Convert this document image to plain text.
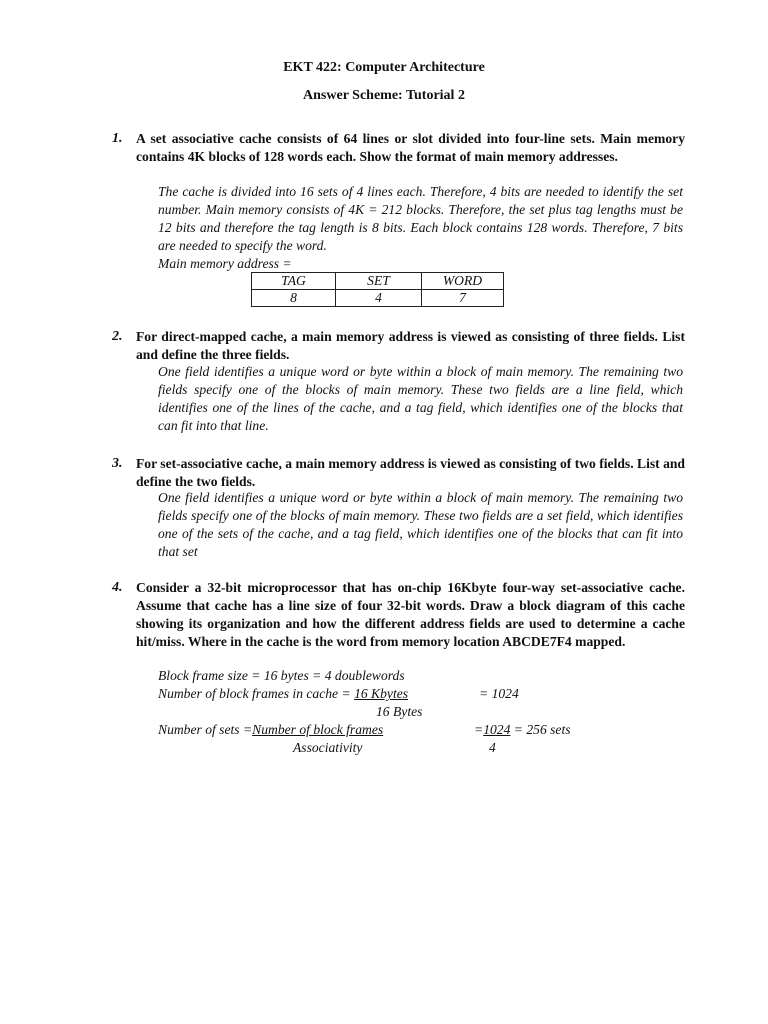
EKT 422: Computer Architecture
Answer Scheme: Tutorial 2
1. A set associative cache consists of 64 lines or slot divided into four-line sets. Main memory contains 4K blocks of 128 words each. Show the format of main memory addresses.
The cache is divided into 16 sets of 4 lines each. Therefore, 4 bits are needed to identify the set number. Main memory consists of 4K = 212 blocks. Therefore, the set plus tag lengths must be 12 bits and therefore the tag length is 8 bits. Each block contains 128 words. Therefore, 7 bits are needed to specify the word.
Main memory address =
TAG	SET	WORD
8	4	7
2. For direct-mapped cache, a main memory address is viewed as consisting of three fields. List and define the three fields.
One field identifies a unique word or byte within a block of main memory. The remaining two fields specify one of the blocks of main memory. These two fields are a line field, which identifies one of the lines of the cache, and a tag field, which identifies one of the blocks that can fit into that line.
3. For set-associative cache, a main memory address is viewed as consisting of two fields. List and define the two fields.
One field identifies a unique word or byte within a block of main memory. The remaining two fields specify one of the blocks of main memory. These two fields are a set field, which identifies one of the sets of the cache, and a tag field, which identifies one of the blocks that can fit into that set
4. Consider a 32-bit microprocessor that has on-chip 16Kbyte four-way set-associative cache. Assume that cache has a line size of four 32-bit words. Draw a block diagram of this cache showing its organization and how the different address fields are used to determine a cache hit/miss. Where in the cache is the word from memory location ABCDE7F4 mapped.
Block frame size = 16 bytes = 4 doublewords
Number of block frames in cache = 16 Kbytes	= 1024
16 Bytes
Number of sets =Number of block frames	=1024 = 256 sets
Associativity	4
